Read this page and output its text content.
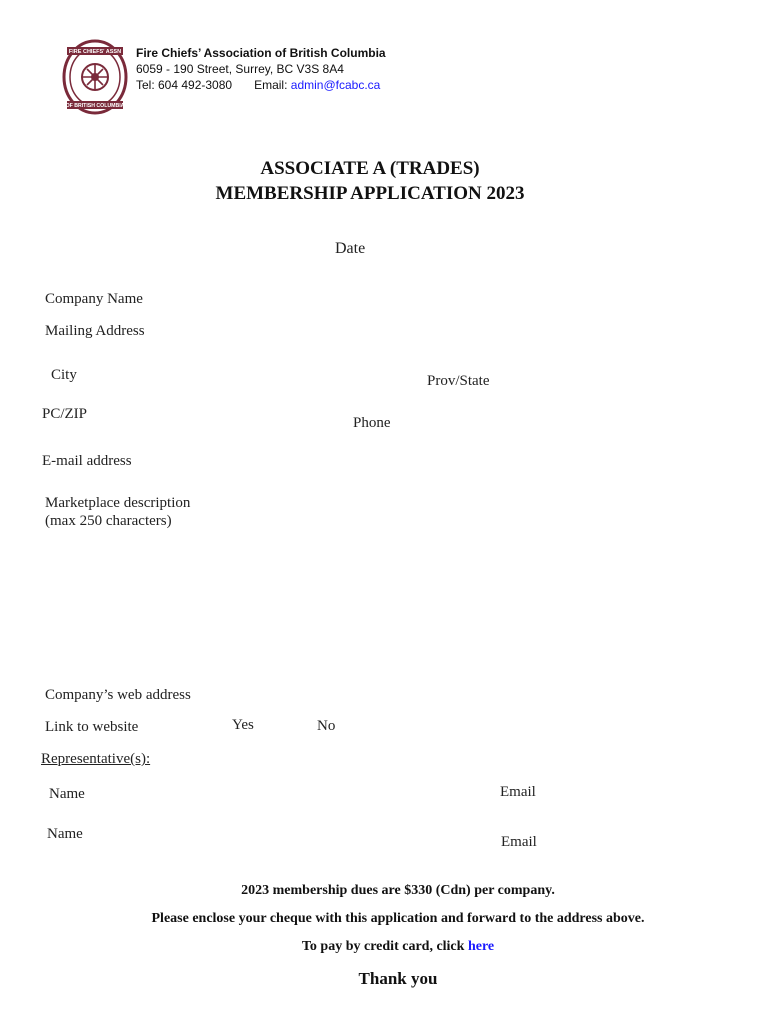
FIRE CHIEFS' ASSN
OF BRITISH COLUMBIA
Fire Chiefs’ Association of British Columbia
6059 - 190 Street, Surrey, BC V3S 8A4
Tel: 604 492-3080 Email: admin@fcabc.ca
ASSOCIATE A (TRADES)
MEMBERSHIP APPLICATION 2023
Date
Company Name
Mailing Address
City	Prov/State
PC/ZIP
Phone
E-mail address
Marketplace description
(max 250 characters)
Company’s web address
Link to website	Yes	No
Representative(s):
Name	Email
Name	Email
2023 membership dues are $330 (Cdn) per company.
Please enclose your cheque with this application and forward to the address above.
To pay by credit card, click here
Thank you
